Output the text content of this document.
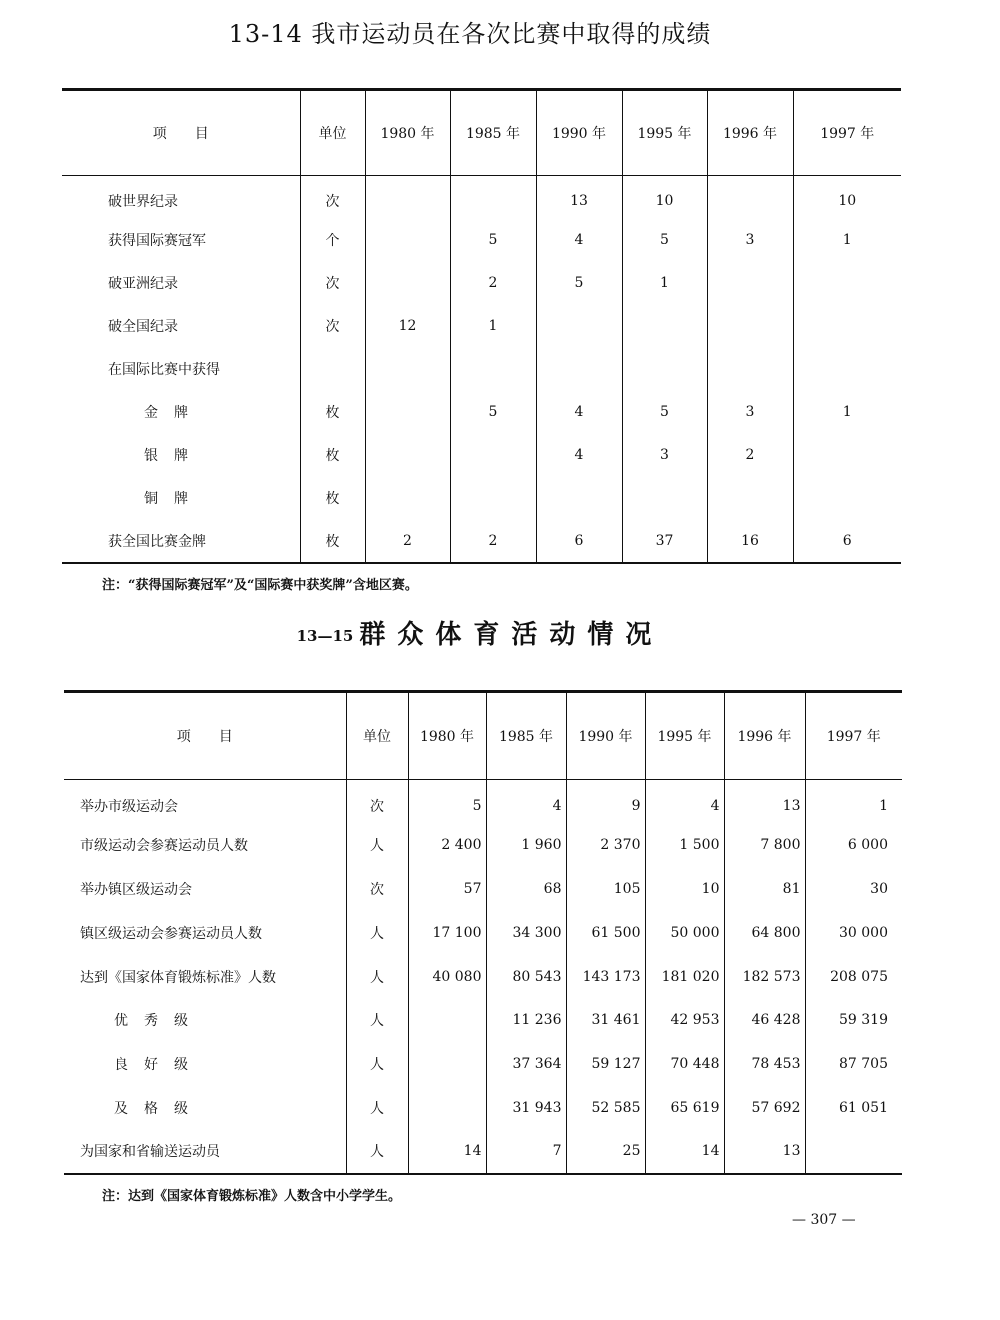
13-14 我市运动员在各次比赛中取得的成绩
项　　目	单位	1980 年	1985 年	1990 年	1995 年	1996 年	1997 年
破世界纪录	次			13	10		10
获得国际赛冠军	个		5	4	5	3	1
破亚洲纪录	次		2	5	1		
破全国纪录	次	12	1				
在国际比赛中获得							
金牌	枚		5	4	5	3	1
银牌	枚			4	3	2	
铜牌	枚						
获全国比赛金牌	枚	2	2	6	37	16	6
注：“获得国际赛冠军”及“国际赛中获奖牌”含地区赛。
13—15 群众体育活动情况
项　　目	单位	1980 年	1985 年	1990 年	1995 年	1996 年	1997 年
举办市级运动会	次	5	4	9	4	13	1
市级运动会参赛运动员人数	人	2 400	1 960	2 370	1 500	7 800	6 000
举办镇区级运动会	次	57	68	105	10	81	30
镇区级运动会参赛运动员人数	人	17 100	34 300	61 500	50 000	64 800	30 000
达到《国家体育锻炼标准》人数	人	40 080	80 543	143 173	181 020	182 573	208 075
优秀级	人		11 236	31 461	42 953	46 428	59 319
良好级	人		37 364	59 127	70 448	78 453	87 705
及格级	人		31 943	52 585	65 619	57 692	61 051
为国家和省输送运动员	人	14	7	25	14	13	
注：达到《国家体育锻炼标准》人数含中小学学生。
— 307 —
